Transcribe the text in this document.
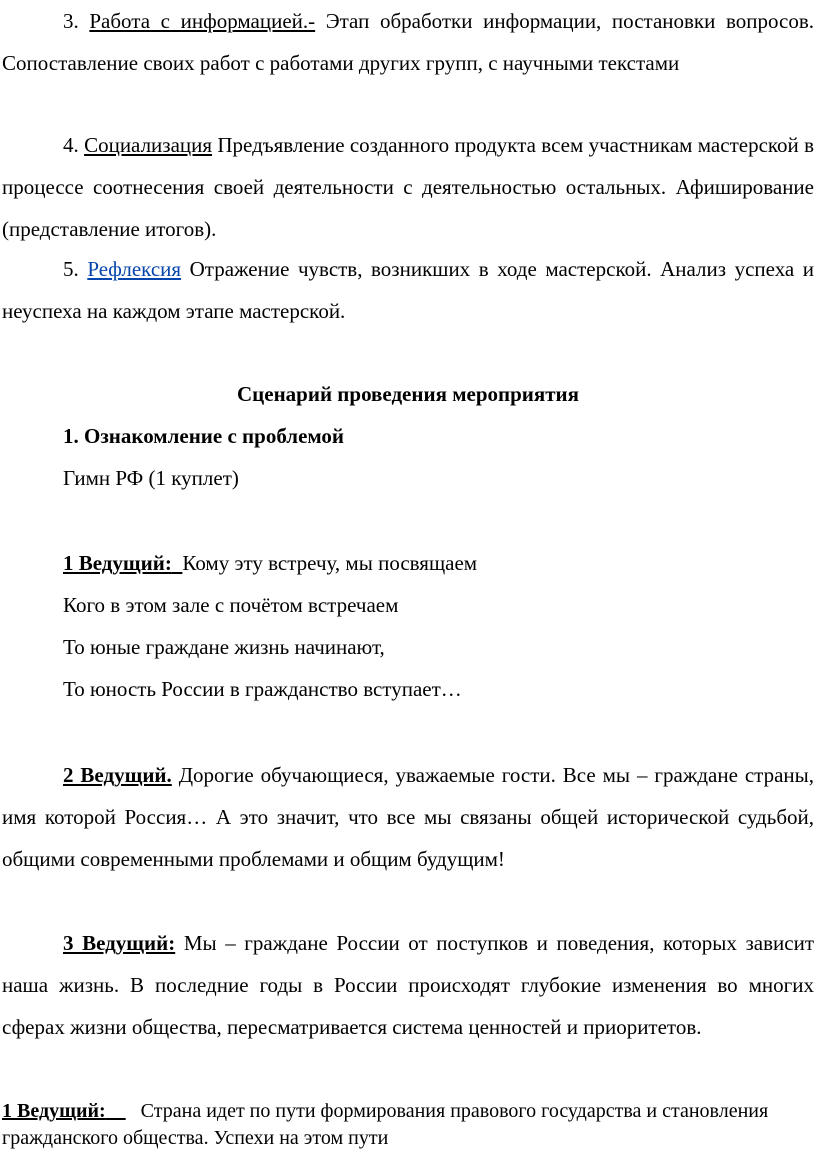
3. Работа с информацией.- Этап обработки информации, постановки вопросов. Сопоставление своих работ с работами других групп, с научными текстами

4. Социализация Предъявление созданного продукта всем участникам мастерской в процессе соотнесения своей деятельности с деятельностью остальных. Афиширование (представление итогов).

5. Рефлексия Отражение чувств, возникших в ходе мастерской. Анализ успеха и неуспеха на каждом этапе мастерской.

Сценарий проведения мероприятия

1. Ознакомление с проблемой

Гимн РФ (1 куплет)

1 Ведущий: Кому эту встречу, мы посвящаем

Кого в этом зале с почётом встречаем

То юные граждане жизнь начинают,

То юность России в гражданство вступает…

2 Ведущий. Дорогие обучающиеся, уважаемые гости. Все мы – граждане страны, имя которой Россия… А это значит, что все мы связаны общей исторической судьбой, общими современными проблемами и общим будущим!

3 Ведущий: Мы – граждане России от поступков и поведения, которых зависит наша жизнь. В последние годы в России происходят глубокие изменения во многих сферах жизни общества, пересматривается система ценностей и приоритетов.

1 Ведущий: Страна идет по пути формирования правового государства и становления гражданского общества. Успехи на этом пути
